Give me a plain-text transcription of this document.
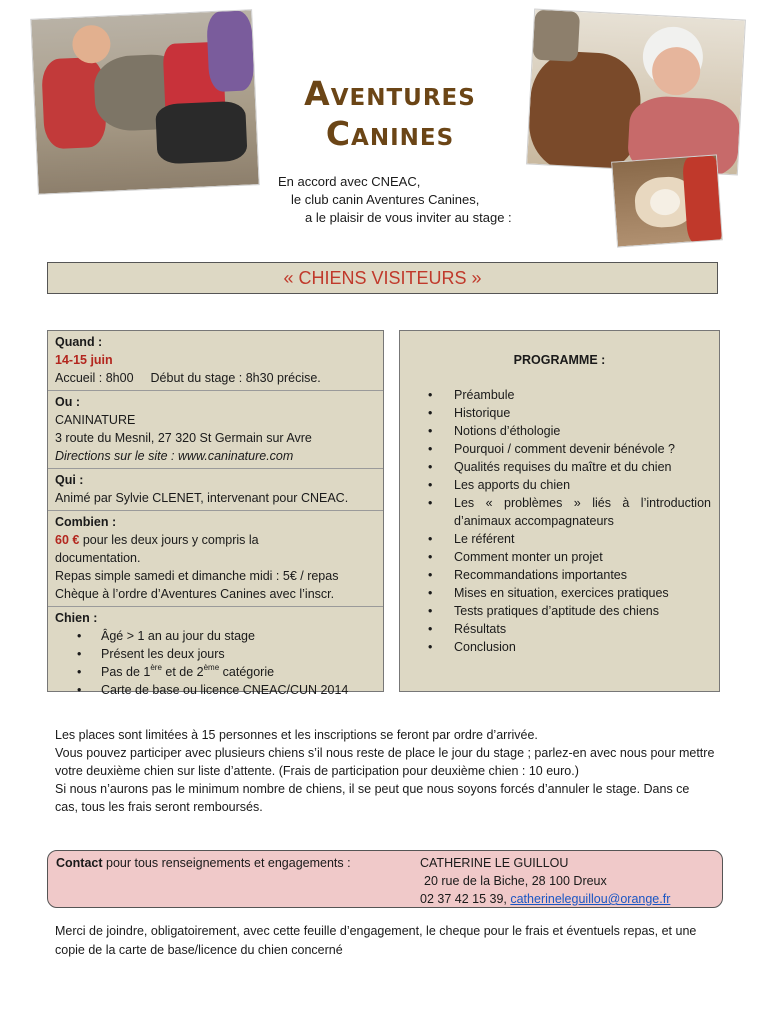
Aventures
Canines
En accord avec CNEAC,
le club canin Aventures Canines,
a le plaisir de vous inviter au stage :
« CHIENS VISITEURS »
Quand :
14-15 juin
Accueil : 8h00 Début du stage : 8h30 précise.
Ou :
CANINATURE
3 route du Mesnil, 27 320 St Germain sur Avre
Directions sur le site : www.caninature.com
Qui :
Animé par Sylvie CLENET, intervenant pour CNEAC.
Combien :
60 € pour les deux jours y compris la
documentation.
Repas simple samedi et dimanche midi : 5€ / repas
Chèque à l’ordre d’Aventures Canines avec l’inscr.
Chien :
• Âgé > 1 an au jour du stage
• Présent les deux jours
• Pas de 1ère et de 2ème catégorie
• Carte de base ou licence CNEAC/CUN 2014
PROGRAMME :
• Préambule
• Historique
• Notions d’éthologie
• Pourquoi / comment devenir bénévole ?
• Qualités requises du maître et du chien
• Les apports du chien
• Les « problèmes » liés à l’introduction d’animaux accompagnateurs
• Le référent
• Comment monter un projet
• Recommandations importantes
• Mises en situation, exercices pratiques
• Tests pratiques d’aptitude des chiens
• Résultats
• Conclusion

Les places sont limitées à 15 personnes et les inscriptions se feront par ordre d’arrivée.

Vous pouvez participer avec plusieurs chiens s’il nous reste de place le jour du stage ; parlez-en avec nous pour mettre votre deuxième chien sur liste d’attente. (Frais de participation pour deuxième chien : 10 euro.)

Si nous n’aurons pas le minimum nombre de chiens, il se peut que nous soyons forcés d’annuler le stage. Dans ce cas, tous les frais seront remboursés.

Contact pour tous renseignements et engagements :	CATHERINE LE GUILLOU
20 rue de la Biche, 28 100 Dreux
02 37 42 15 39, catherineleguillou@orange.fr
Merci de joindre, obligatoirement, avec cette feuille d’engagement, le cheque pour le frais et éventuels repas, et une copie de la carte de base/licence du chien concerné
